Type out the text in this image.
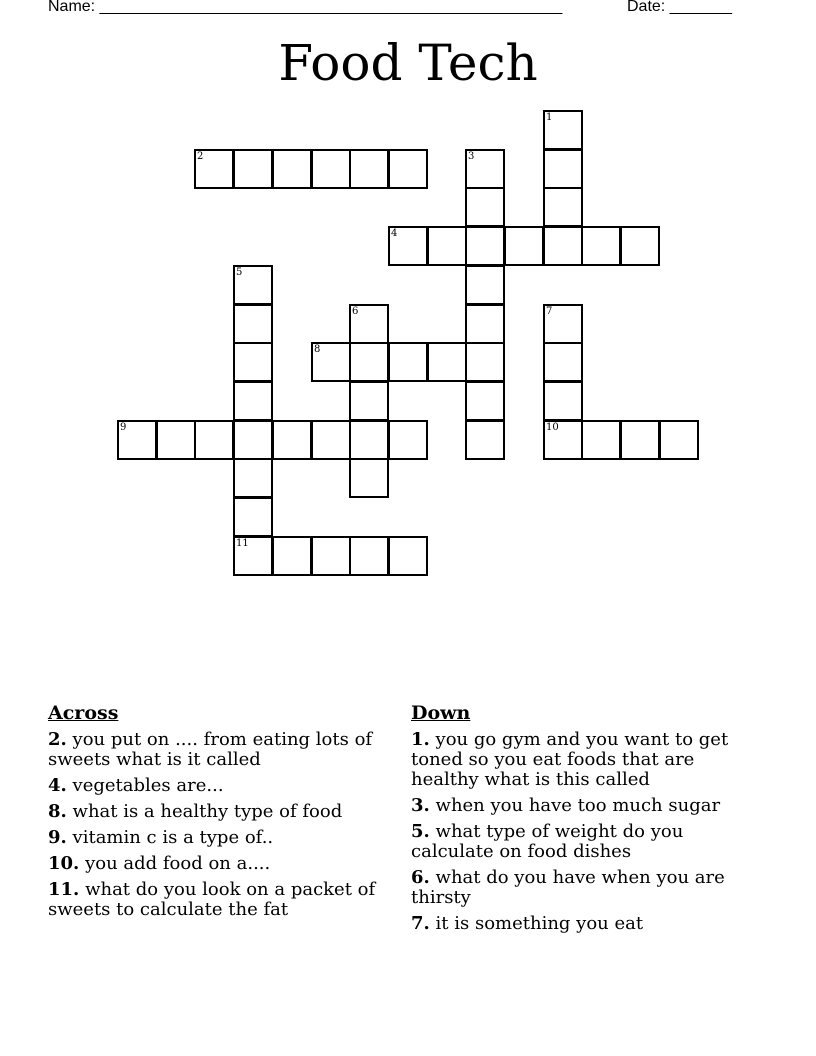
Name: ____________________________________________________	Date: _______
Food Tech
1
2	3
4
5
11
6	7
10
8
9
Across
2. you put on .... from eating lots of sweets what is it called
4. vegetables are...
8. what is a healthy type of food
9. vitamin c is a type of..
10. you add food on a....
11. what do you look on a packet of sweets to calculate the fat
Down
1. you go gym and you want to get toned so you eat foods that are healthy what is this called
3. when you have too much sugar
5. what type of weight do you calculate on food dishes
6. what do you have when you are thirsty
7. it is something you eat
